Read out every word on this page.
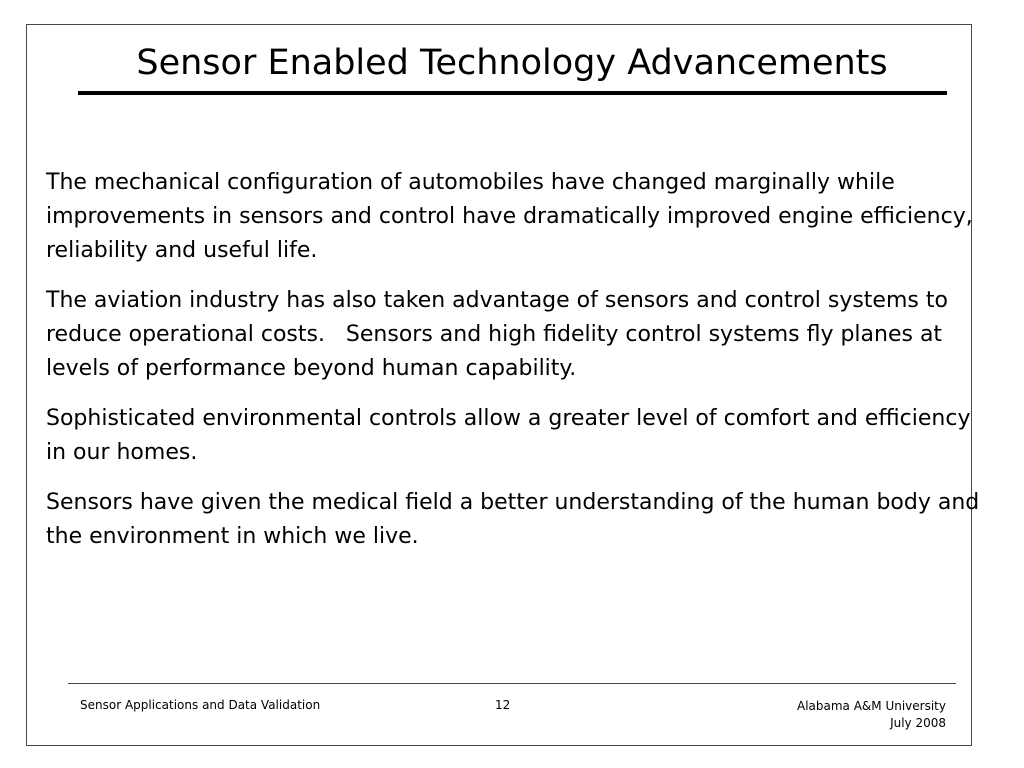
Sensor Enabled Technology Advancements

The mechanical configuration of automobiles have changed marginally while improvements in sensors and control have dramatically improved engine efficiency, reliability and useful life.

The aviation industry has also taken advantage of sensors and control systems to reduce operational costs.   Sensors and high fidelity control systems fly planes at levels of performance beyond human capability.

Sophisticated environmental controls allow a greater level of comfort and efficiency in our homes.

Sensors have given the medical field a better understanding of the human body and the environment in which we live.

Sensor Applications and Data Validation	12	Alabama A&M University
July 2008
